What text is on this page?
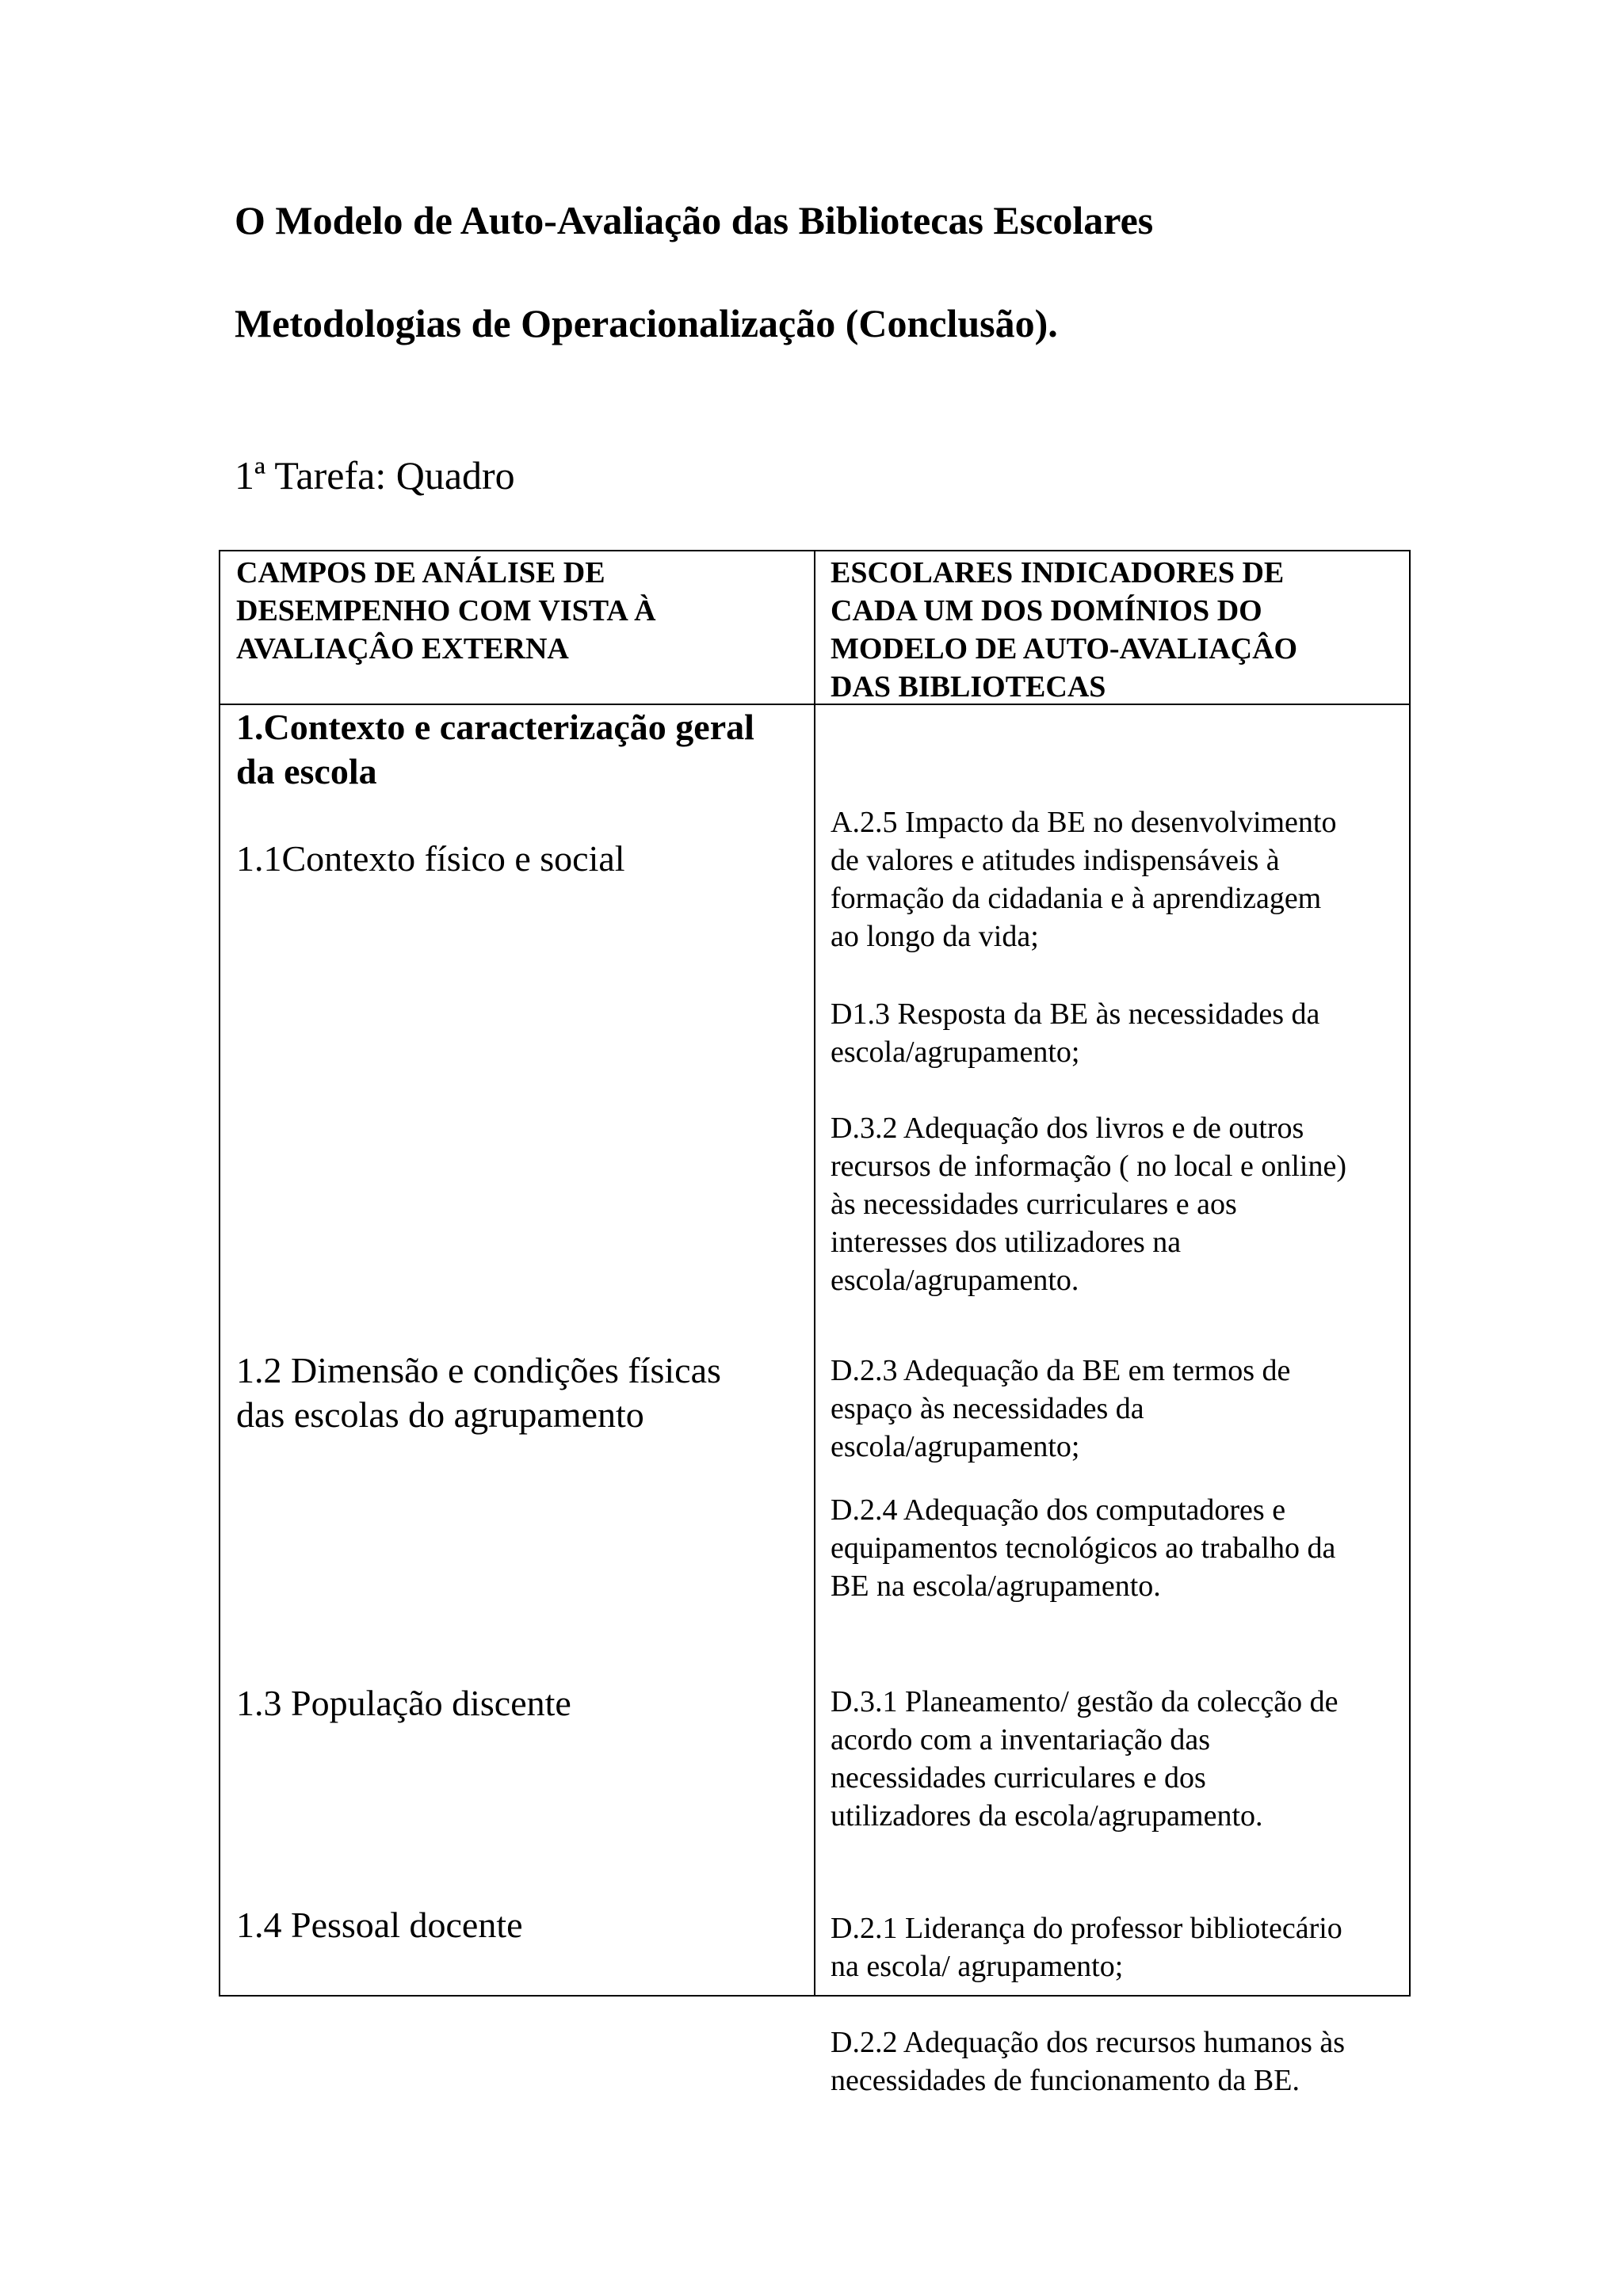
O Modelo de Auto-Avaliação das Bibliotecas Escolares
Metodologias de Operacionalização (Conclusão).
1ª Tarefa: Quadro
CAMPOS DE ANÁLISE DE
DESEMPENHO COM VISTA À
AVALIAÇÂO EXTERNA
ESCOLARES INDICADORES DE
CADA UM DOS DOMÍNIOS DO
MODELO DE AUTO-AVALIAÇÂO
DAS BIBLIOTECAS
1.Contexto e caracterização geral
da escola
1.1Contexto físico e social
1.2 Dimensão e condições físicas
das escolas do agrupamento
1.3 População discente
1.4 Pessoal docente
A.2.5 Impacto da BE no desenvolvimento
de valores e atitudes indispensáveis à
formação da cidadania e à aprendizagem
ao longo da vida;
D1.3 Resposta da BE às necessidades da
escola/agrupamento;
D.3.2 Adequação dos livros e de outros
recursos de informação ( no local e online)
às necessidades curriculares e aos
interesses dos utilizadores na
escola/agrupamento.
D.2.3 Adequação da BE em termos de
espaço às necessidades da
escola/agrupamento;
D.2.4 Adequação dos computadores e
equipamentos tecnológicos ao trabalho da
BE na escola/agrupamento.
D.3.1 Planeamento/ gestão da colecção de
acordo com a inventariação das
necessidades curriculares e dos
utilizadores da escola/agrupamento.
D.2.1 Liderança do professor bibliotecário
na escola/ agrupamento;
D.2.2 Adequação dos recursos humanos às
necessidades de funcionamento da BE.
